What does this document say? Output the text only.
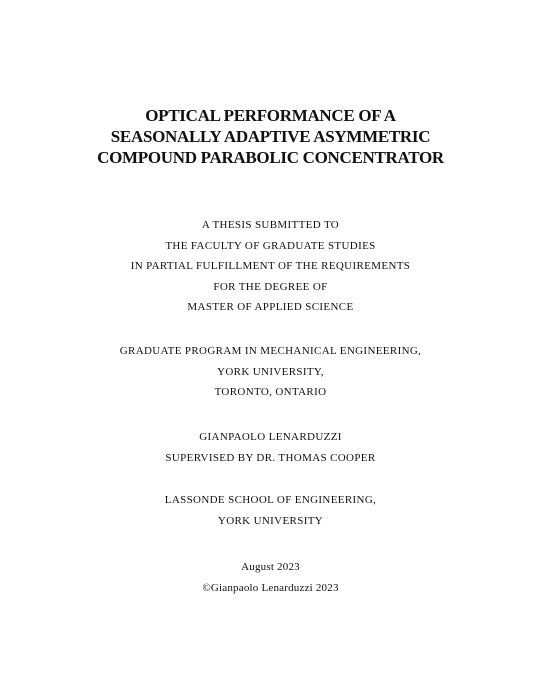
OPTICAL PERFORMANCE OF A
SEASONALLY ADAPTIVE ASYMMETRIC
COMPOUND PARABOLIC CONCENTRATOR
A THESIS SUBMITTED TO
THE FACULTY OF GRADUATE STUDIES
IN PARTIAL FULFILLMENT OF THE REQUIREMENTS
FOR THE DEGREE OF
MASTER OF APPLIED SCIENCE
GRADUATE PROGRAM IN MECHANICAL ENGINEERING,
YORK UNIVERSITY,
TORONTO, ONTARIO
GIANPAOLO LENARDUZZI
SUPERVISED BY DR. THOMAS COOPER
LASSONDE SCHOOL OF ENGINEERING,
YORK UNIVERSITY
August 2023
©Gianpaolo Lenarduzzi 2023
